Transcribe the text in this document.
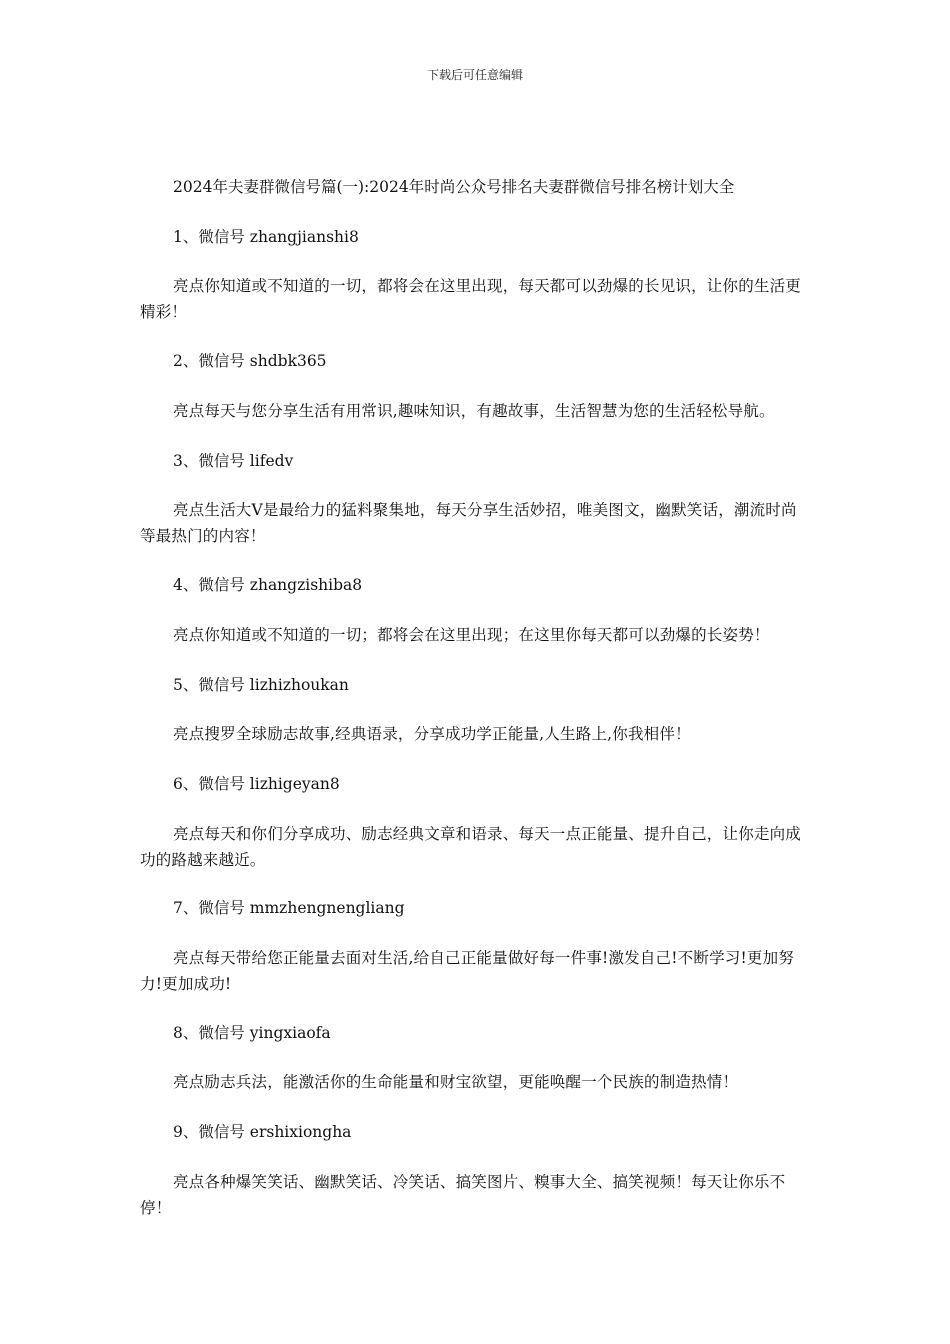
下载后可任意编辑
2024年夫妻群微信号篇(一):2024年时尚公众号排名夫妻群微信号排名榜计划大全
1、微信号 zhangjianshi8
亮点你知道或不知道的一切，都将会在这里出现，每天都可以劲爆的长见识，让你的生活更精彩！
2、微信号 shdbk365
亮点每天与您分享生活有用常识,趣味知识，有趣故事，生活智慧为您的生活轻松导航。
3、微信号 lifedv
亮点生活大V是最给力的猛料聚集地，每天分享生活妙招，唯美图文，幽默笑话，潮流时尚等最热门的内容！
4、微信号 zhangzishiba8
亮点你知道或不知道的一切；都将会在这里出现；在这里你每天都可以劲爆的长姿势！
5、微信号 lizhizhoukan
亮点搜罗全球励志故事,经典语录，分享成功学正能量,人生路上,你我相伴！
6、微信号 lizhigeyan8
亮点每天和你们分享成功、励志经典文章和语录、每天一点正能量、提升自己，让你走向成功的路越来越近。
7、微信号 mmzhengnengliang
亮点每天带给您正能量去面对生活,给自己正能量做好每一件事!激发自己!不断学习!更加努力!更加成功!
8、微信号 yingxiaofa
亮点励志兵法，能激活你的生命能量和财宝欲望，更能唤醒一个民族的制造热情！
9、微信号 ershixiongha
亮点各种爆笑笑话、幽默笑话、冷笑话、搞笑图片、糗事大全、搞笑视频！每天让你乐不停！
